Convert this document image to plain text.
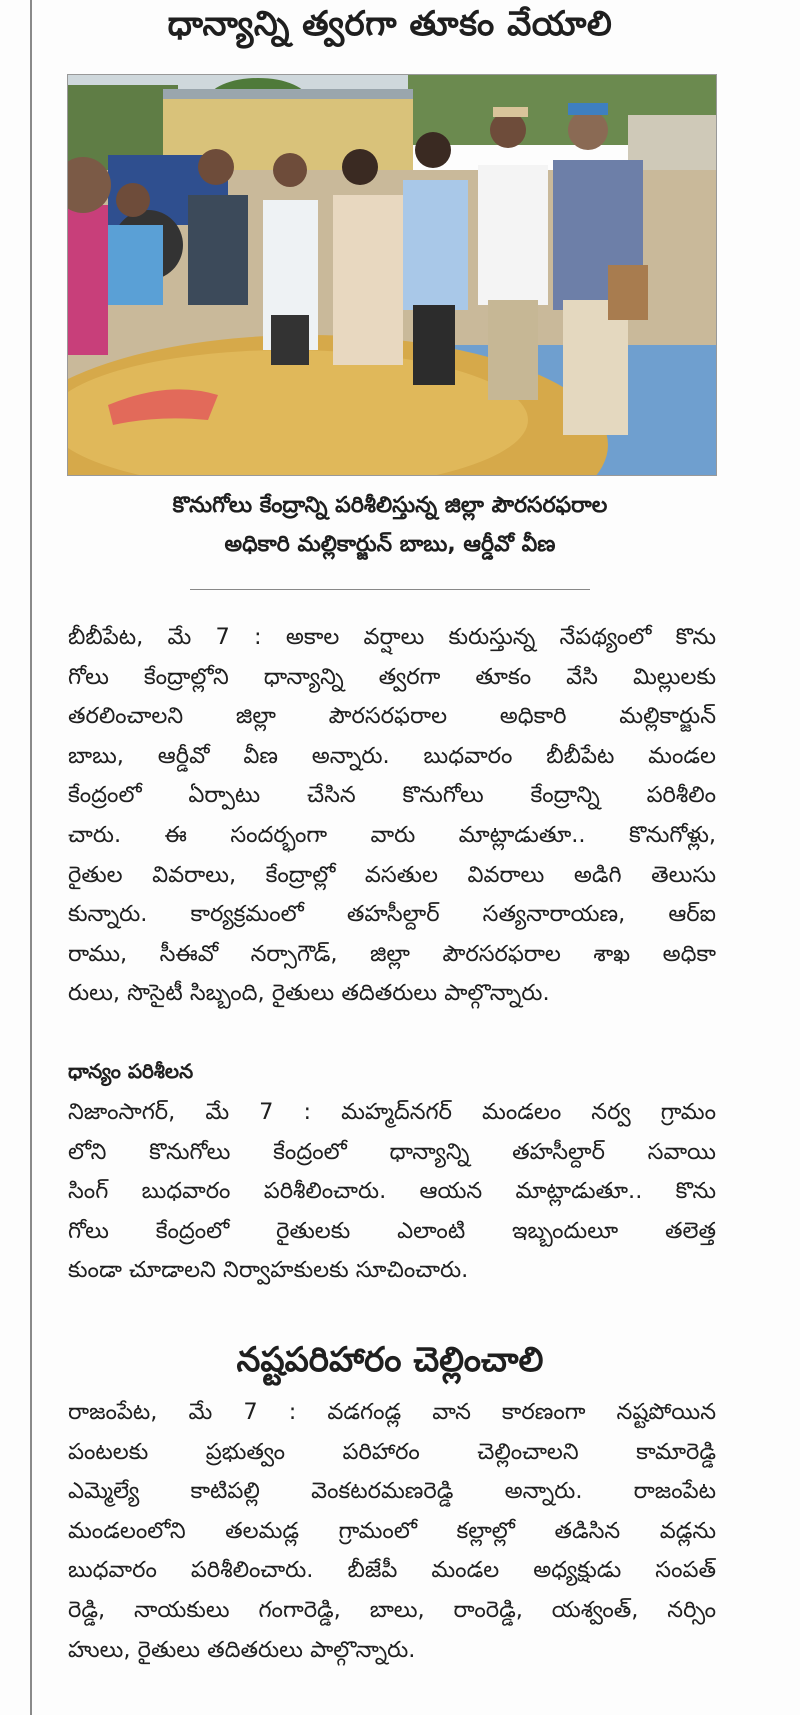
ధాన్యాన్ని త్వరగా తూకం వేయాలి
కొనుగోలు కేంద్రాన్ని పరిశీలిస్తున్న జిల్లా పౌరసరఫరాల
అధికారి మల్లికార్జున్ బాబు, ఆర్డీవో వీణ
బీబీపేట, మే 7 : అకాల వర్షాలు కురుస్తున్న నేపథ్యంలో కొను
గోలు కేంద్రాల్లోని ధాన్యాన్ని త్వరగా తూకం వేసి మిల్లులకు
తరలించాలని జిల్లా పౌరసరఫరాల అధికారి మల్లికార్జున్
బాబు, ఆర్డీవో వీణ అన్నారు. బుధవారం బీబీపేట మండల
కేంద్రంలో ఏర్పాటు చేసిన కొనుగోలు కేంద్రాన్ని పరిశీలిం
చారు. ఈ సందర్భంగా వారు మాట్లాడుతూ.. కొనుగోళ్లు,
రైతుల వివరాలు, కేంద్రాల్లో వసతుల వివరాలు అడిగి తెలుసు
కున్నారు. కార్యక్రమంలో తహసీల్దార్ సత్యనారాయణ, ఆర్ఐ
రాము, సీఈవో నర్సాగౌడ్, జిల్లా పౌరసరఫరాల శాఖ అధికా
రులు, సొసైటీ సిబ్బంది, రైతులు తదితరులు పాల్గొన్నారు.
ధాన్యం పరిశీలన
నిజాంసాగర్, మే 7 : మహ్మద్‌నగర్ మండలం నర్వ గ్రామం
లోని కొనుగోలు కేంద్రంలో ధాన్యాన్ని తహసీల్దార్ సవాయి
సింగ్ బుధవారం పరిశీలించారు. ఆయన మాట్లాడుతూ.. కొను
గోలు కేంద్రంలో రైతులకు ఎలాంటి ఇబ్బందులూ తలెత్త
కుండా చూడాలని నిర్వాహకులకు సూచించారు.
నష్టపరిహారం చెల్లించాలి
రాజంపేట, మే 7 : వడగండ్ల వాన కారణంగా నష్టపోయిన
పంటలకు ప్రభుత్వం పరిహారం చెల్లించాలని కామారెడ్డి
ఎమ్మెల్యే కాటిపల్లి వెంకటరమణరెడ్డి అన్నారు. రాజంపేట
మండలంలోని తలమడ్ల గ్రామంలో కల్లాల్లో తడిసిన వడ్లను
బుధవారం పరిశీలించారు. బీజేపీ మండల అధ్యక్షుడు సంపత్
రెడ్డి, నాయకులు గంగారెడ్డి, బాలు, రాంరెడ్డి, యశ్వంత్, నర్సిం
హులు, రైతులు తదితరులు పాల్గొన్నారు.
